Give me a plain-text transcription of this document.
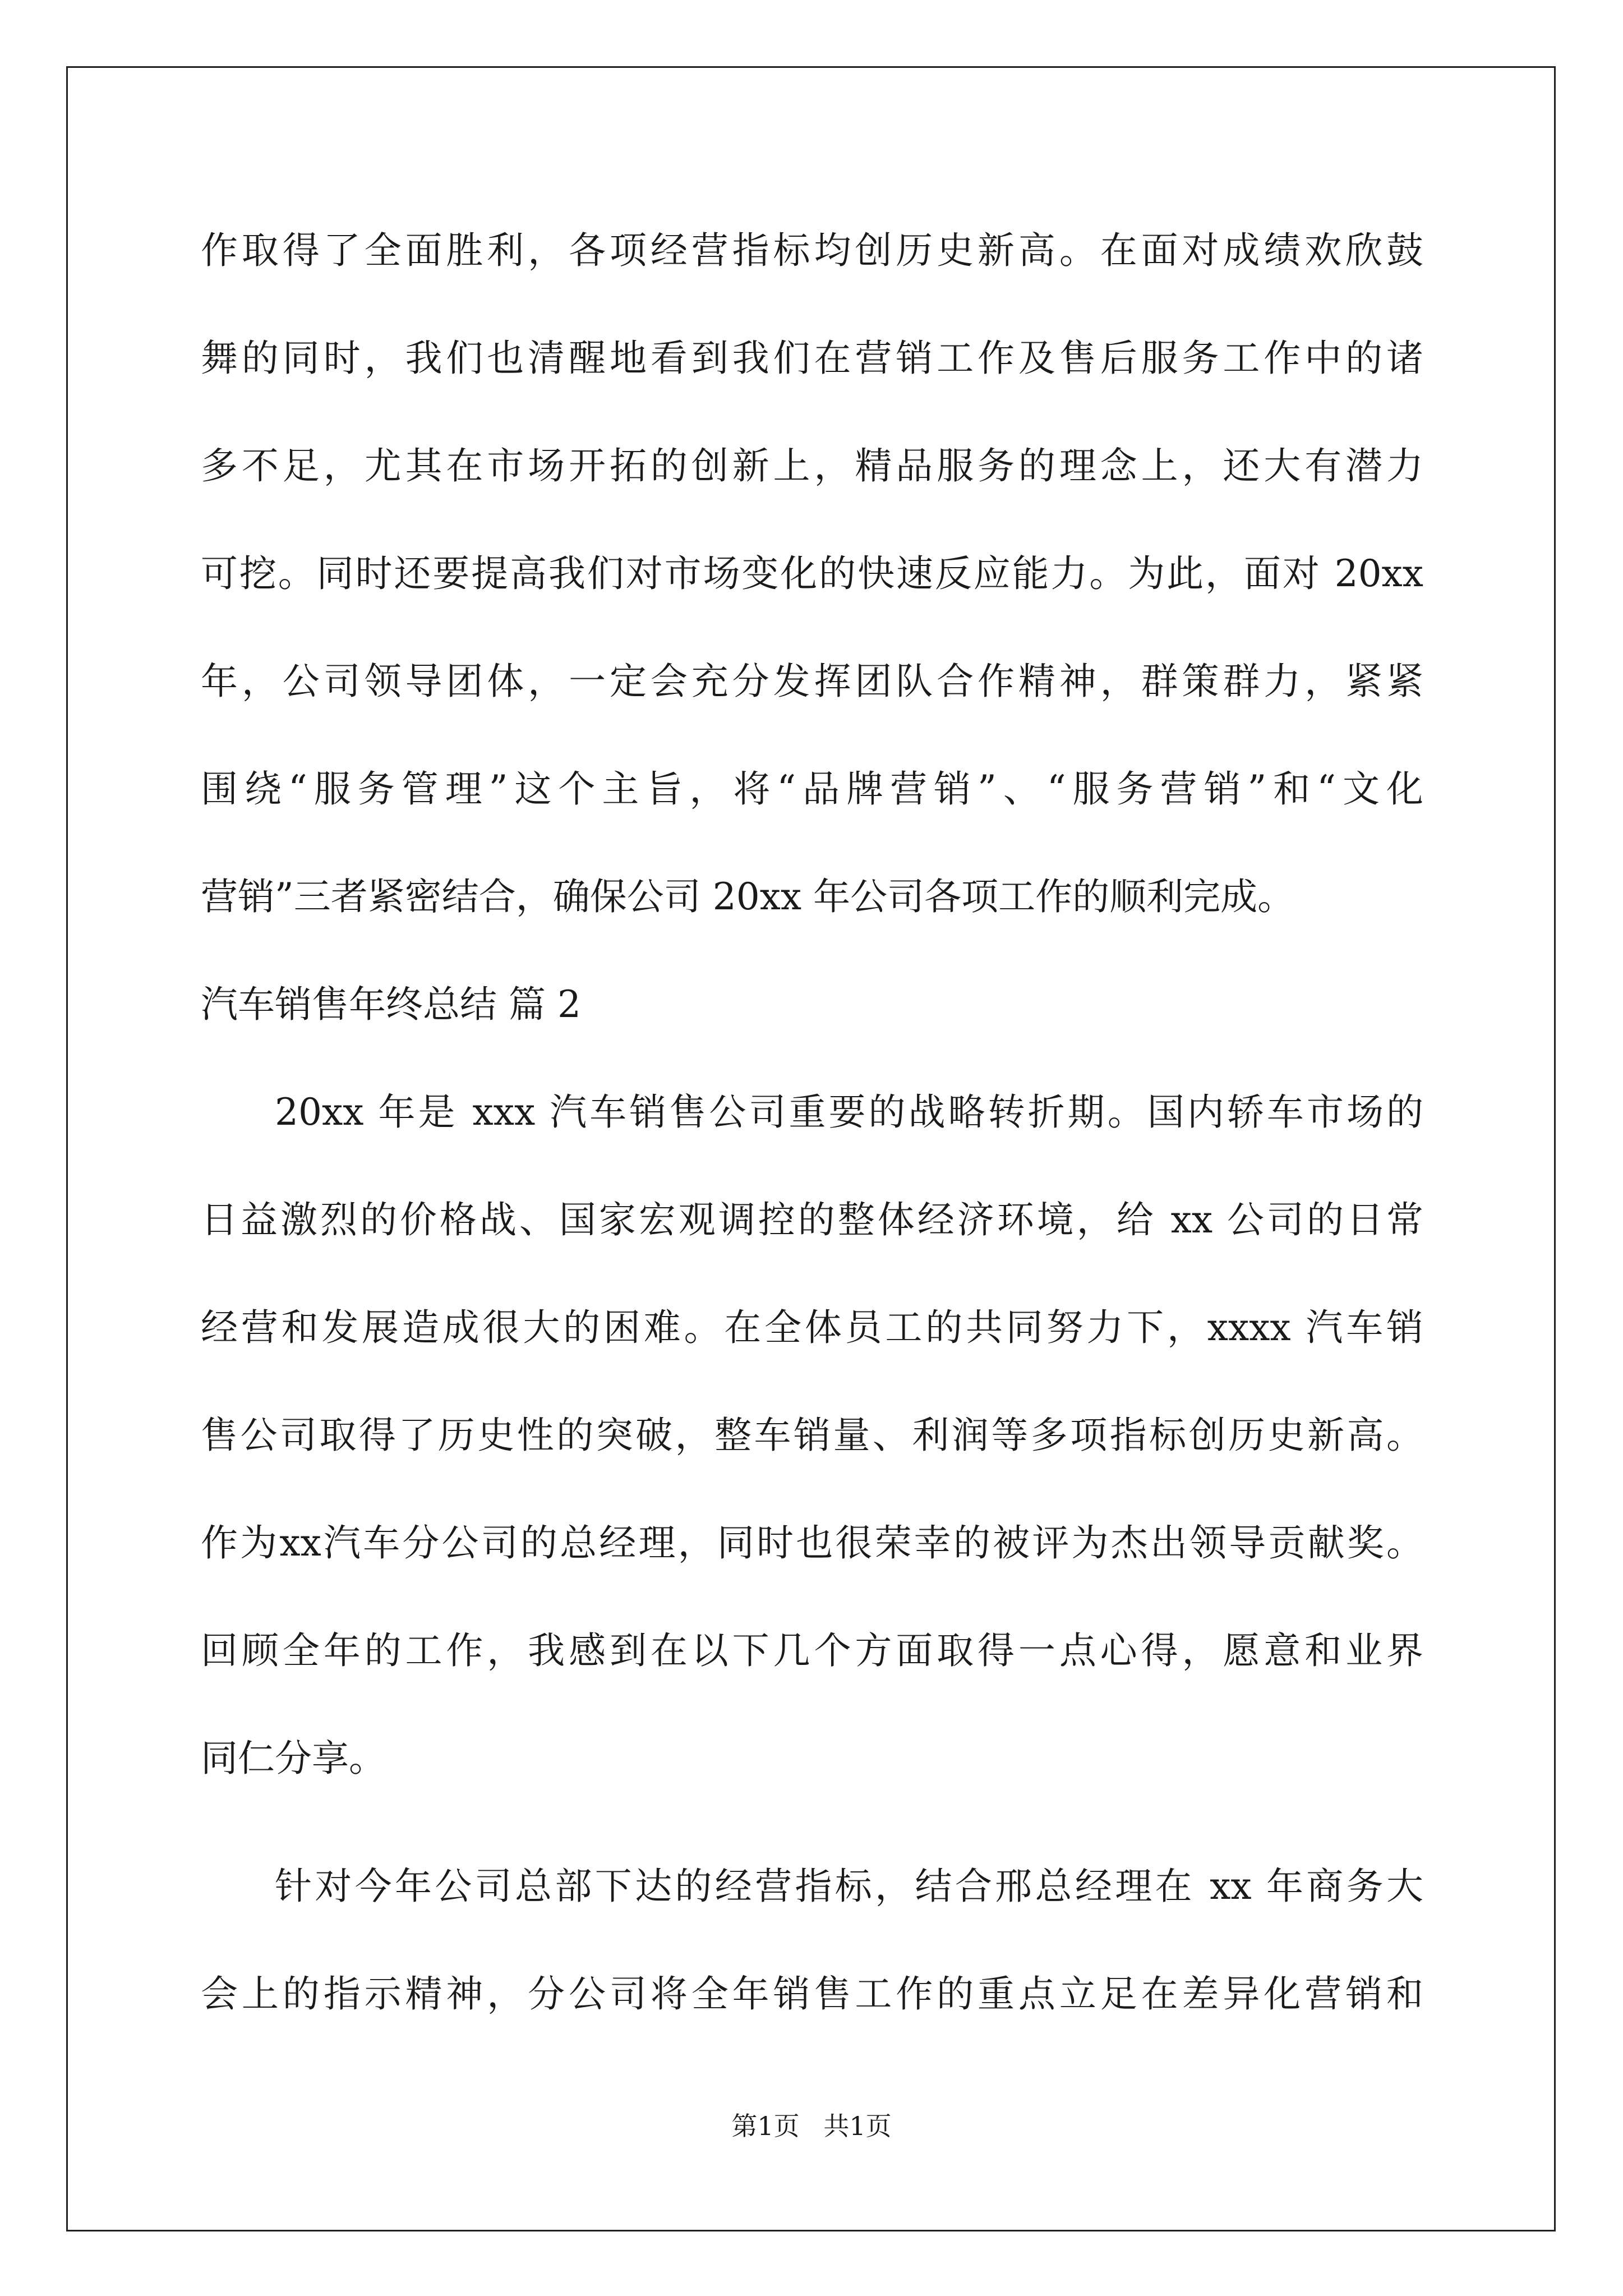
作取得了全面胜利，各项经营指标均创历史新高。在面对成绩欢欣鼓
舞的同时，我们也清醒地看到我们在营销工作及售后服务工作中的诸
多不足，尤其在市场开拓的创新上，精品服务的理念上，还大有潜力
可挖。同时还要提高我们对市场变化的快速反应能力。为此，面对 20xx
年，公司领导团体，一定会充分发挥团队合作精神，群策群力，紧紧
围绕“服务管理”这个主旨，将“品牌营销”、“服务营销”和“文化
营销”三者紧密结合，确保公司 20xx 年公司各项工作的顺利完成。
汽车销售年终总结 篇 2
20xx 年是 xxx 汽车销售公司重要的战略转折期。国内轿车市场的
日益激烈的价格战、国家宏观调控的整体经济环境，给 xx 公司的日常
经营和发展造成很大的困难。在全体员工的共同努力下，xxxx 汽车销
售公司取得了历史性的突破，整车销量、利润等多项指标创历史新高。
作为xx汽车分公司的总经理，同时也很荣幸的被评为杰出领导贡献奖。
回顾全年的工作，我感到在以下几个方面取得一点心得，愿意和业界
同仁分享。
针对今年公司总部下达的经营指标，结合邢总经理在 xx 年商务大
会上的指示精神，分公司将全年销售工作的重点立足在差异化营销和
第1页 共1页
